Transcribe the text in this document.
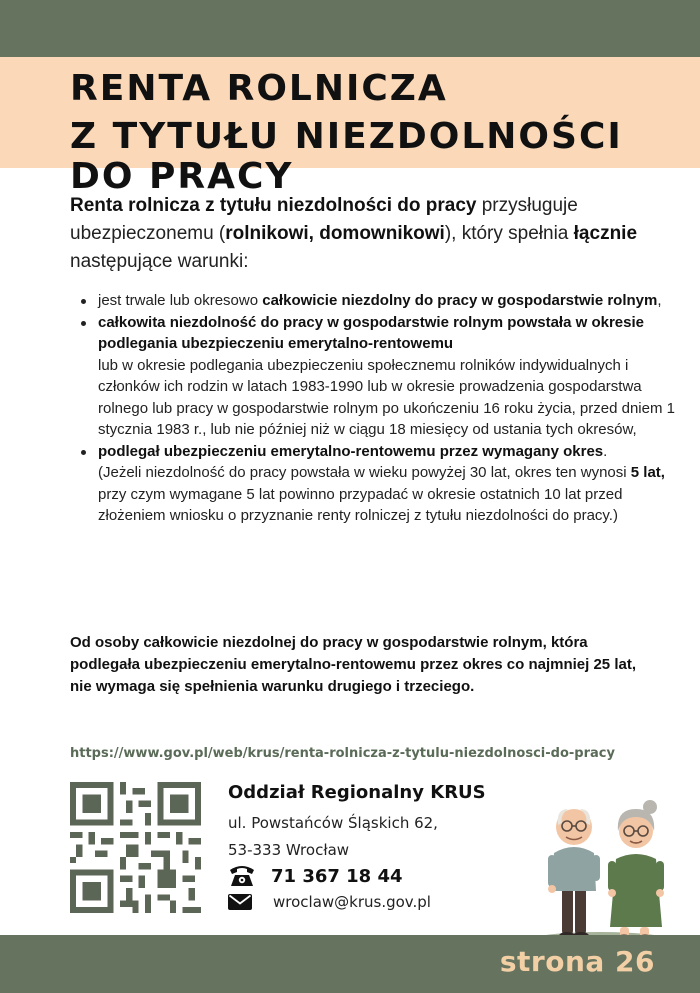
RENTA ROLNICZA
Z TYTUŁU NIEZDOLNOŚCI DO PRACY

Renta rolnicza z tytułu niezdolności do pracy przysługuje ubezpieczonemu (rolnikowi, domownikowi), który spełnia łącznie następujące warunki:

jest trwale lub okresowo całkowicie niezdolny do pracy w gospodarstwie rolnym,
całkowita niezdolność do pracy w gospodarstwie rolnym powstała w okresie podlegania ubezpieczeniu emerytalno-rentowemu
lub w okresie podlegania ubezpieczeniu społecznemu rolników indywidualnych i członków ich rodzin w latach 1983-1990 lub w okresie prowadzenia gospodarstwa rolnego lub pracy w gospodarstwie rolnym po ukończeniu 16 roku życia, przed dniem 1 stycznia 1983 r., lub nie później niż w ciągu 18 miesięcy od ustania tych okresów,
podlegał ubezpieczeniu emerytalno-rentowemu przez wymagany okres.
(Jeżeli niezdolność do pracy powstała w wieku powyżej 30 lat, okres ten wynosi 5 lat, przy czym wymagane 5 lat powinno przypadać w okresie ostatnich 10 lat przed złożeniem wniosku o przyznanie renty rolniczej z tytułu niezdolności do pracy.)

Od osoby całkowicie niezdolnej do pracy w gospodarstwie rolnym, która podlegała ubezpieczeniu emerytalno-rentowemu przez okres co najmniej 25 lat, nie wymaga się spełnienia warunku drugiego i trzeciego.

https://www.gov.pl/web/krus/renta-rolnicza-z-tytulu-niezdolnosci-do-pracy

Oddział Regionalny KRUS

ul. Powstańców Śląskich 62,

53-333 Wrocław

71 367 18 44

wroclaw@krus.gov.pl

strona 26
